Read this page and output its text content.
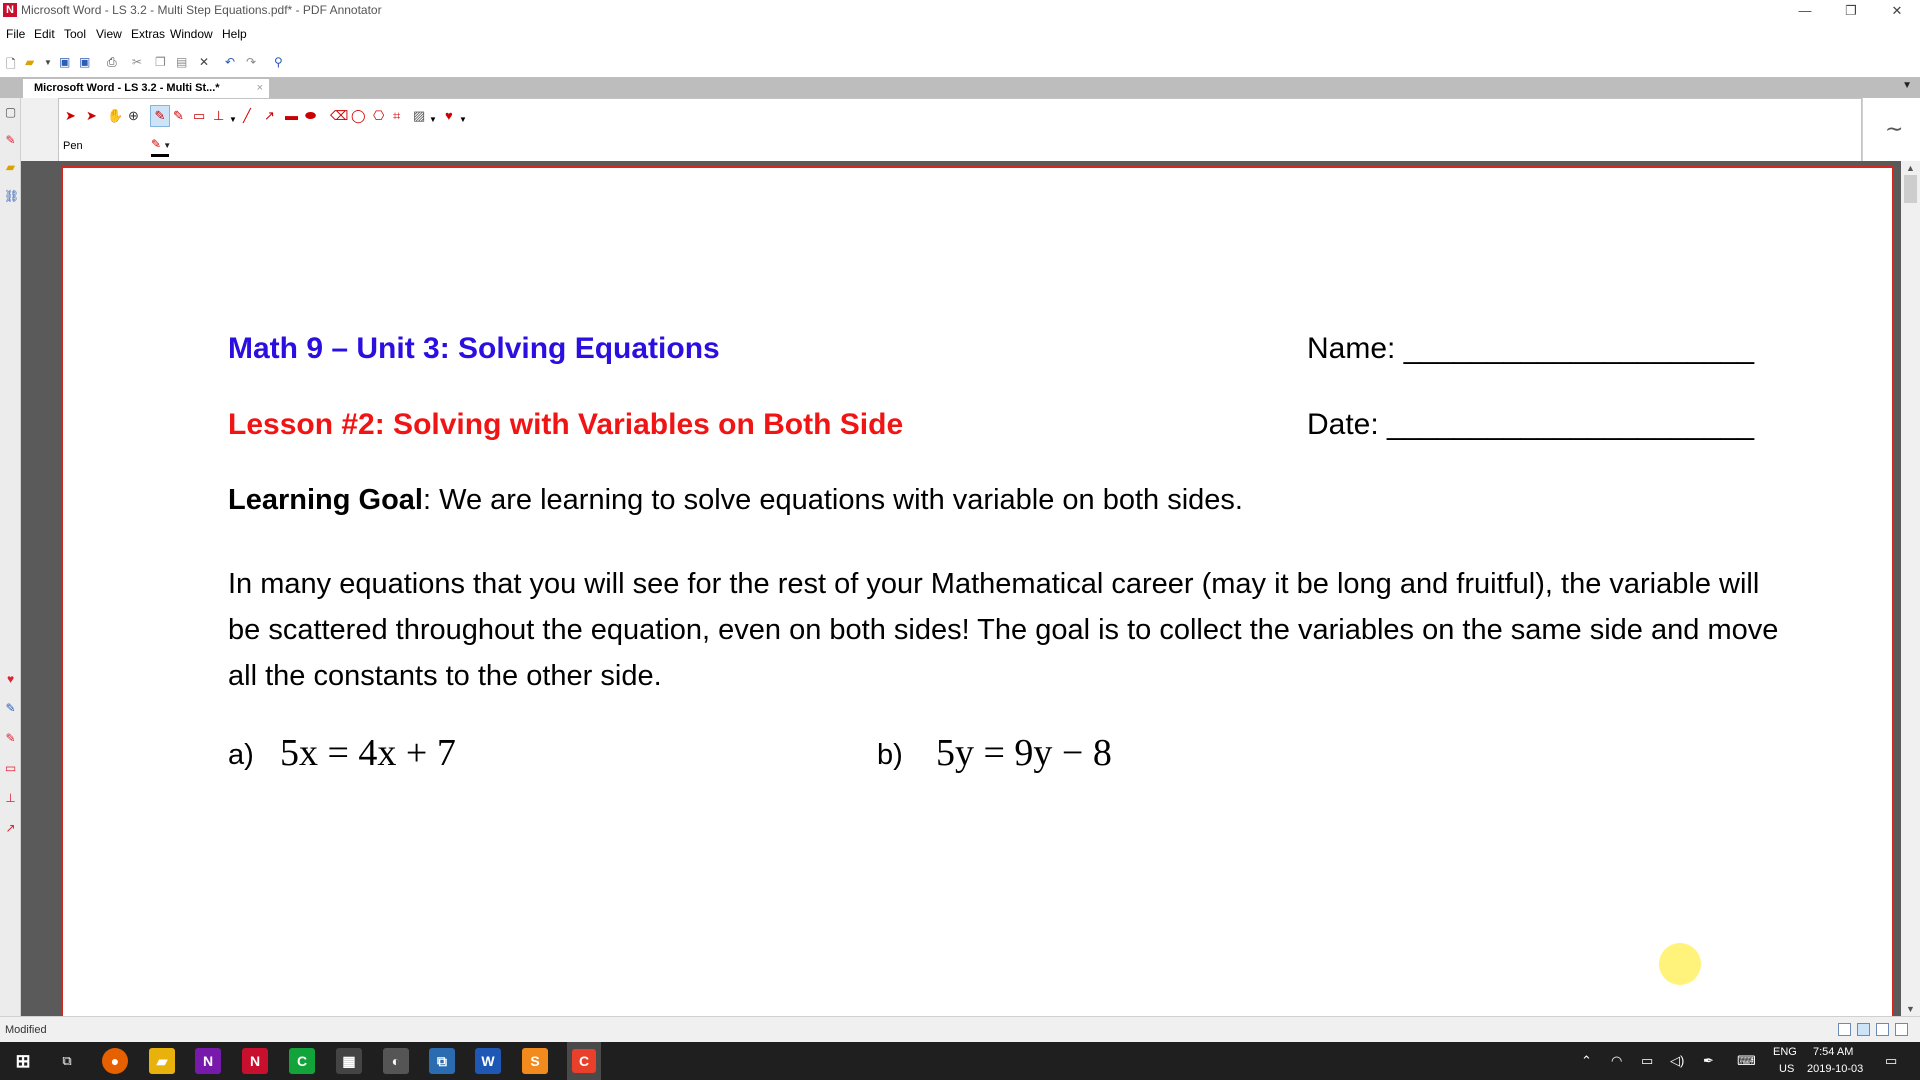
N Microsoft Word - LS 3.2 - Multi Step Equations.pdf* - PDF Annotator	—	❐	✕
File Edit Tool View Extras Window Help
🗋 ▰ ▼ ▣ ▣ ⎙ ✂ ❐ ▤ ✕ ↶ ↷ ⚲
Microsoft Word - LS 3.2 - Multi St...*	×	▼
▢
✎
▰
⛓
♥
✎
✎
▭
⊥
↗
➤ ➤ ✋ ⊕	✎ ✎ ▭ ⊥ ▼ ╱ ↗ ▬ ⬬ ⌫ ◯ ⎔ ⌗ ▨ ▼ ♥ ▼
Pen	✎ ▼
∼
Math 9 – Unit 3: Solving Equations	Name: _____________________
Lesson #2: Solving with Variables on Both Side	Date: ______________________
Learning Goal: We are learning to solve equations with variable on both sides.
In many equations that you will see for the rest of your Mathematical career (may it be long and fruitful), the variable will be scattered throughout the equation, even on both sides! The goal is to collect the variables on the same side and move all the constants to the other side.
a) 5x = 4x + 7	b) 5y = 9y − 8
▲
▼
Modified
⊞	⧉	●	▰	N	N	C	▦	◐	⧉	W	S	C	⌃ ◠ ▭ ◁) ✒ ⌨
ENG
US
7:54 AM
2019-10-03
▭
